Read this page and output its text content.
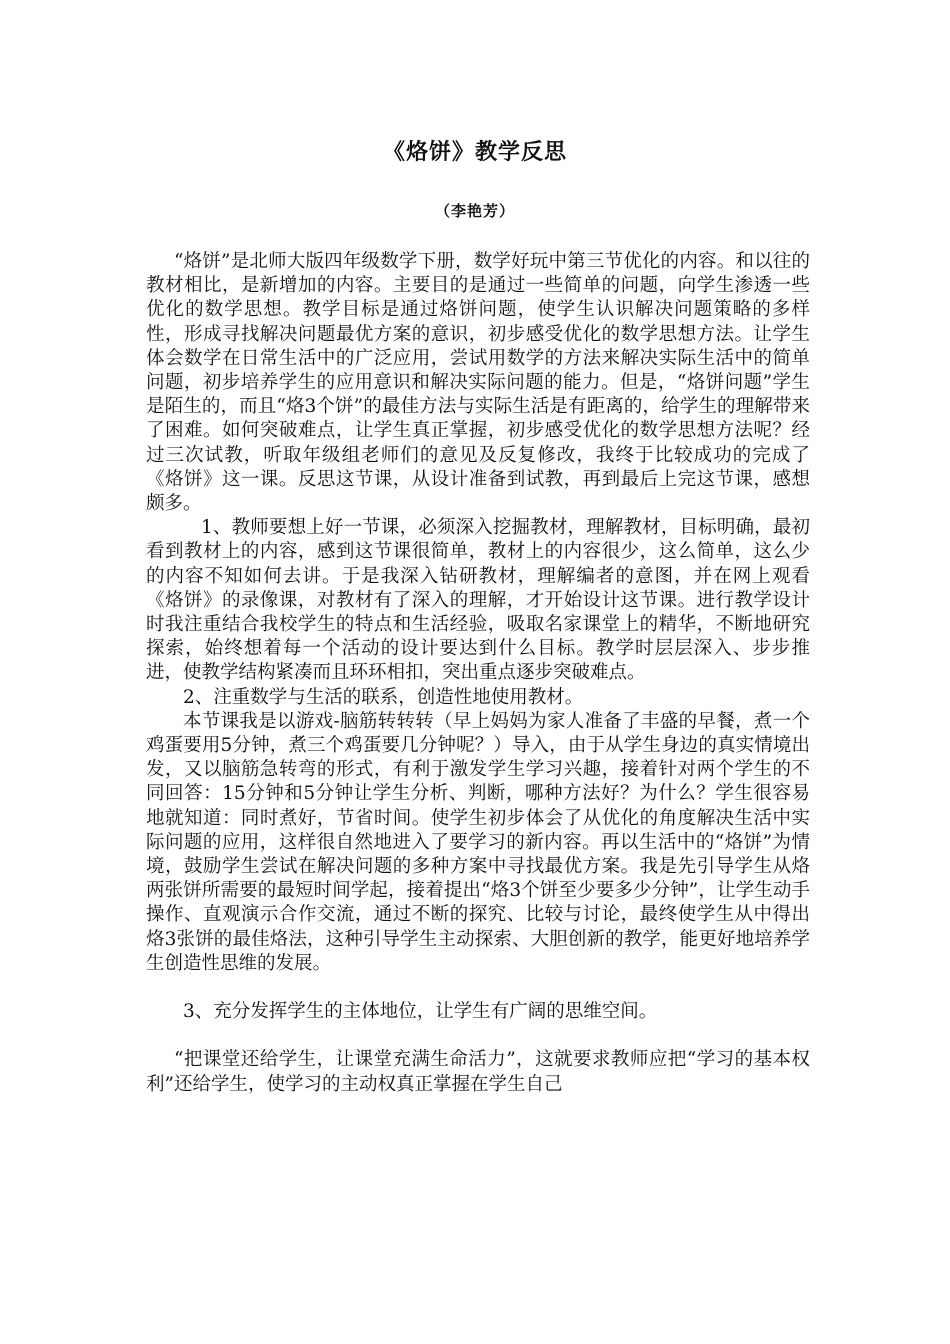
《烙饼》教学反思
（李艳芳）

“烙饼”是北师大版四年级数学下册，数学好玩中第三节优化的内容。和以往的教材相比，是新增加的内容。主要目的是通过一些简单的问题，向学生渗透一些优化的数学思想。教学目标是通过烙饼问题，使学生认识解决问题策略的多样性，形成寻找解决问题最优方案的意识，初步感受优化的数学思想方法。让学生体会数学在日常生活中的广泛应用，尝试用数学的方法来解决实际生活中的简单问题，初步培养学生的应用意识和解决实际问题的能力。但是，“烙饼问题”学生是陌生的，而且“烙3个饼”的最佳方法与实际生活是有距离的，给学生的理解带来了困难。如何突破难点，让学生真正掌握，初步感受优化的数学思想方法呢？经过三次试教，听取年级组老师们的意见及反复修改，我终于比较成功的完成了《烙饼》这一课。反思这节课，从设计准备到试教，再到最后上完这节课，感想颇多。

1、教师要想上好一节课，必须深入挖掘教材，理解教材，目标明确，最初看到教材上的内容，感到这节课很简单，教材上的内容很少，这么简单，这么少的内容不知如何去讲。于是我深入钻研教材，理解编者的意图，并在网上观看《烙饼》的录像课，对教材有了深入的理解，才开始设计这节课。进行教学设计时我注重结合我校学生的特点和生活经验，吸取名家课堂上的精华，不断地研究探索，始终想着每一个活动的设计要达到什么目标。教学时层层深入、步步推进，使教学结构紧凑而且环环相扣，突出重点逐步突破难点。

2、注重数学与生活的联系，创造性地使用教材。

本节课我是以游戏-脑筋转转转（早上妈妈为家人准备了丰盛的早餐，煮一个鸡蛋要用5分钟，煮三个鸡蛋要几分钟呢？）导入，由于从学生身边的真实情境出发，又以脑筋急转弯的形式，有利于激发学生学习兴趣，接着针对两个学生的不同回答：15分钟和5分钟让学生分析、判断，哪种方法好？为什么？学生很容易地就知道：同时煮好，节省时间。使学生初步体会了从优化的角度解决生活中实际问题的应用，这样很自然地进入了要学习的新内容。再以生活中的“烙饼”为情境，鼓励学生尝试在解决问题的多种方案中寻找最优方案。我是先引导学生从烙两张饼所需要的最短时间学起，接着提出“烙3个饼至少要多少分钟”，让学生动手操作、直观演示合作交流，通过不断的探究、比较与讨论，最终使学生从中得出烙3张饼的最佳烙法，这种引导学生主动探索、大胆创新的教学，能更好地培养学生创造性思维的发展。

3、充分发挥学生的主体地位，让学生有广阔的思维空间。

“把课堂还给学生，让课堂充满生命活力”，这就要求教师应把“学习的基本权利”还给学生，使学习的主动权真正掌握在学生自己
